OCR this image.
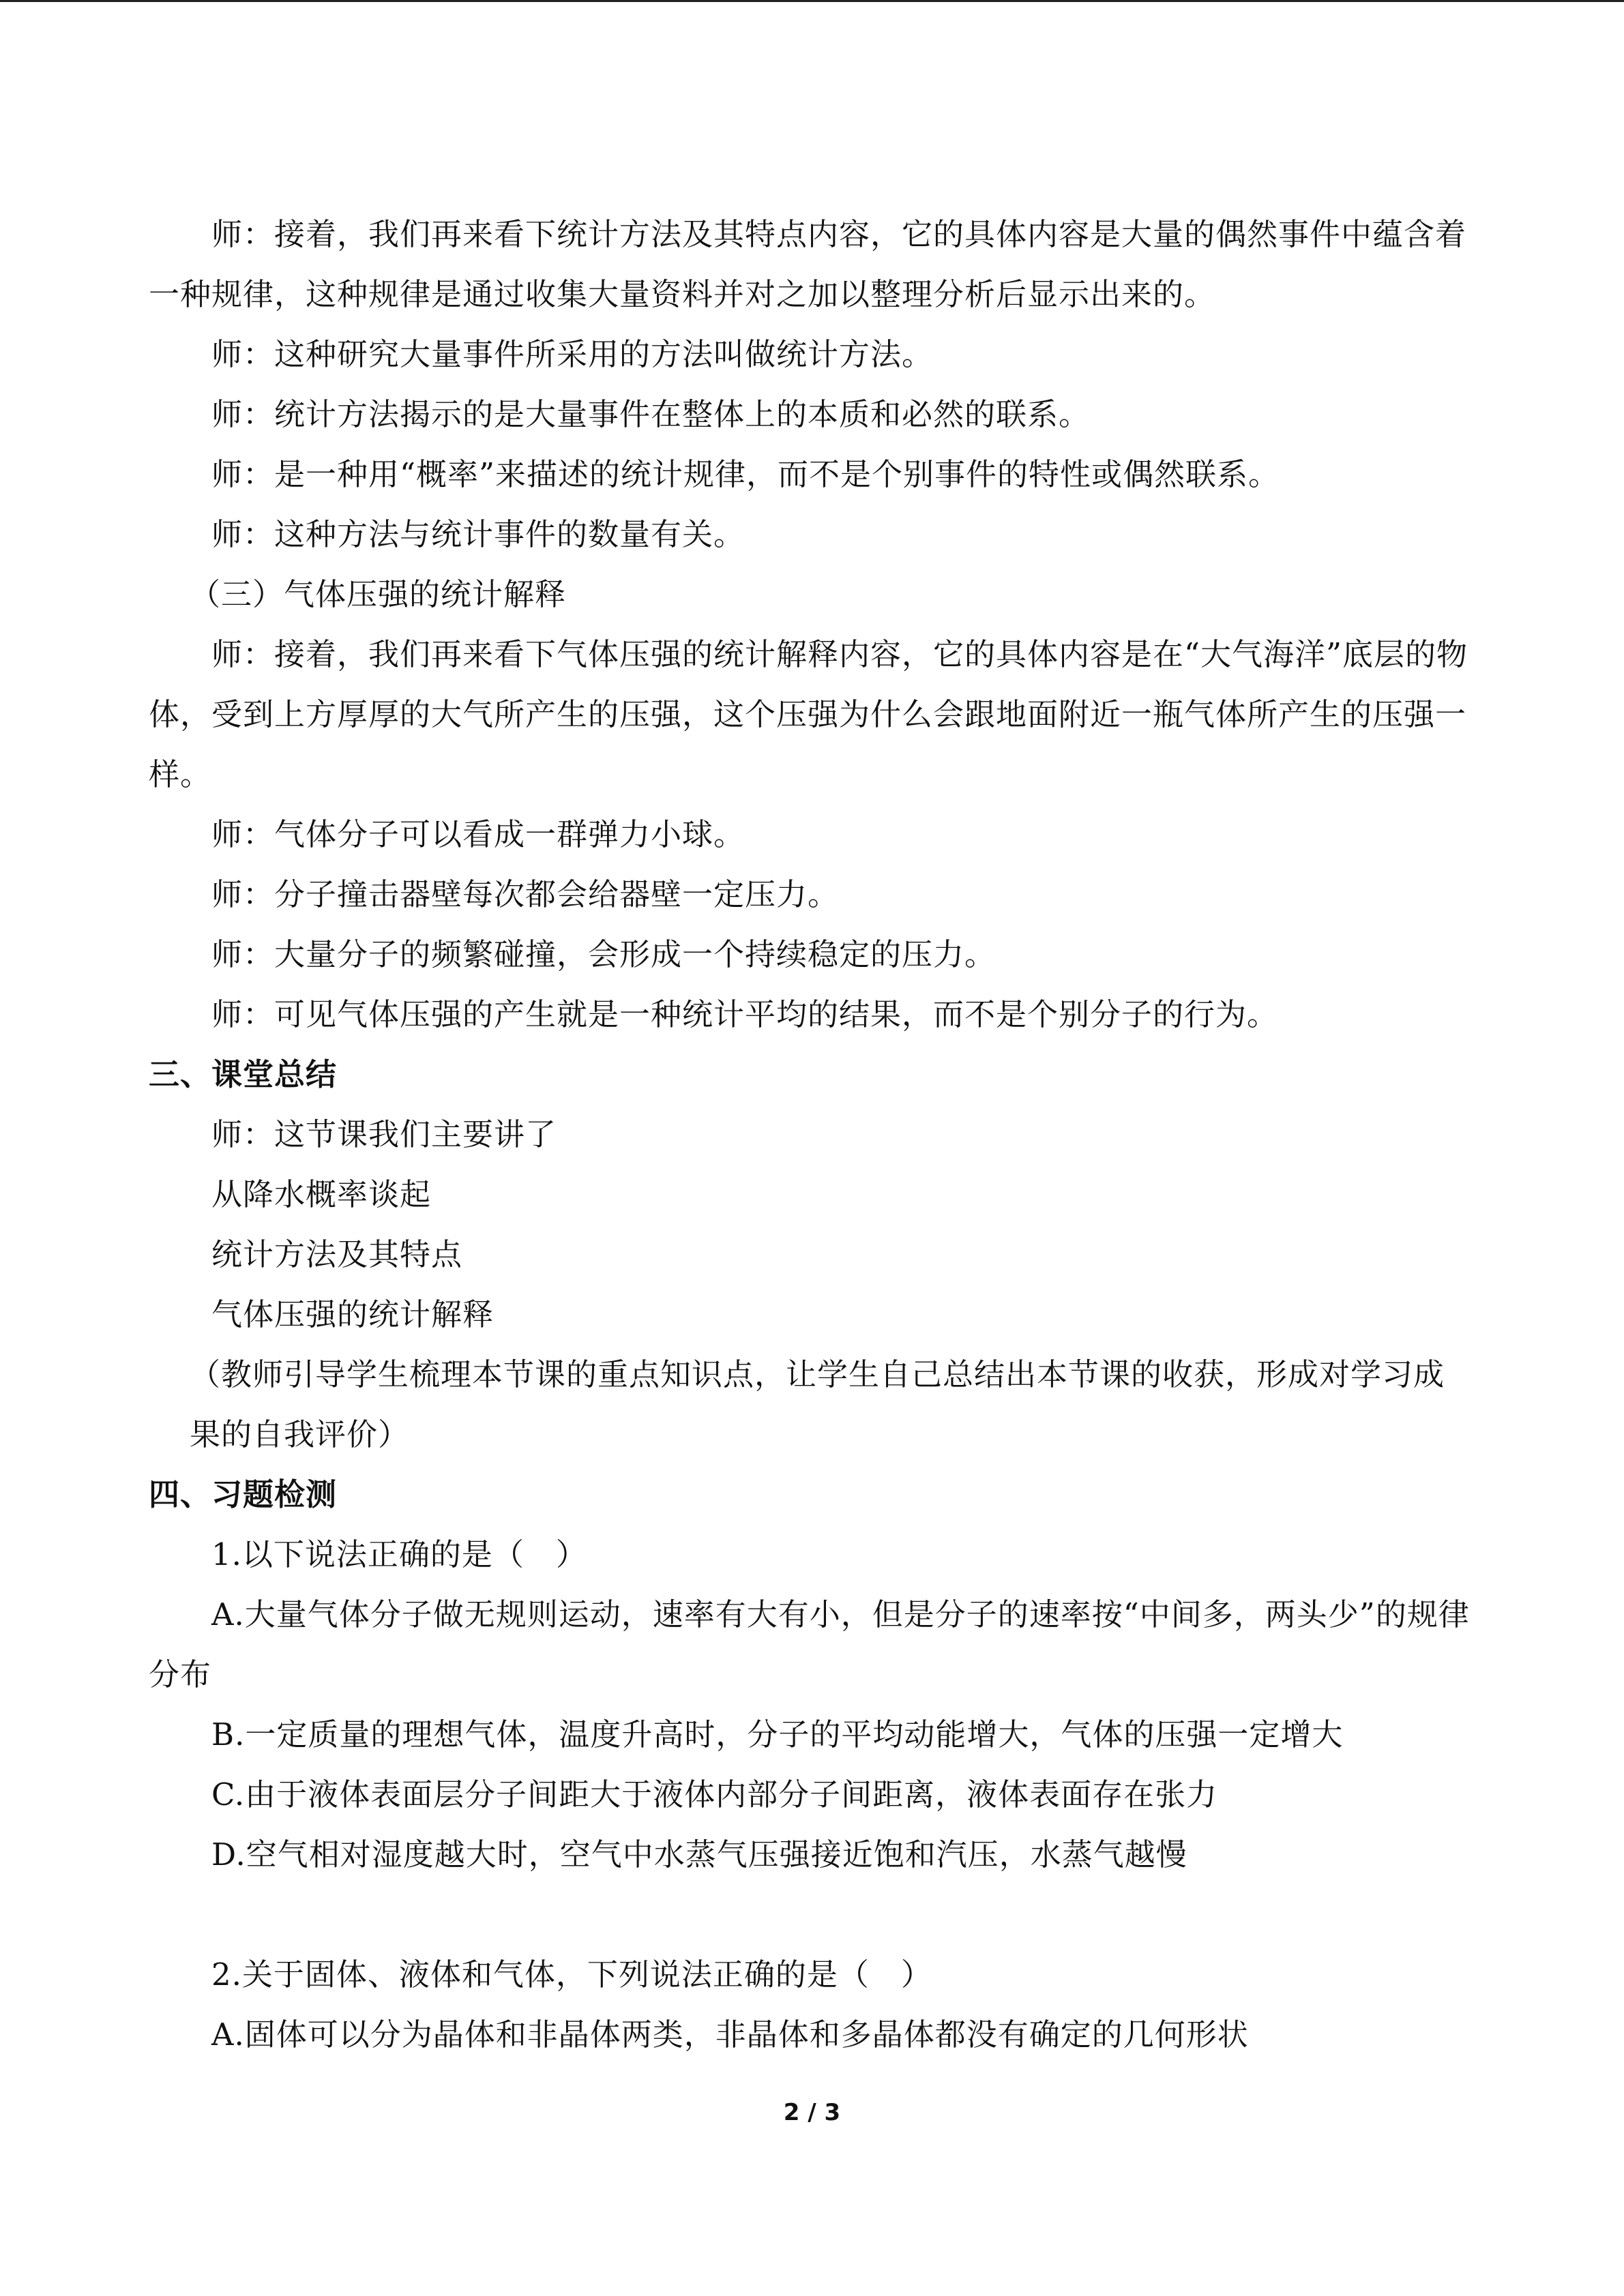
师：接着，我们再来看下统计方法及其特点内容，它的具体内容是大量的偶然事件中蕴含着一种规律，这种规律是通过收集大量资料并对之加以整理分析后显示出来的。

师：这种研究大量事件所采用的方法叫做统计方法。

师：统计方法揭示的是大量事件在整体上的本质和必然的联系。

师：是一种用“概率”来描述的统计规律，而不是个别事件的特性或偶然联系。

师：这种方法与统计事件的数量有关。

（三）气体压强的统计解释

师：接着，我们再来看下气体压强的统计解释内容，它的具体内容是在“大气海洋”底层的物体，受到上方厚厚的大气所产生的压强，这个压强为什么会跟地面附近一瓶气体所产生的压强一样。

师：气体分子可以看成一群弹力小球。

师：分子撞击器壁每次都会给器壁一定压力。

师：大量分子的频繁碰撞，会形成一个持续稳定的压力。

师：可见气体压强的产生就是一种统计平均的结果，而不是个别分子的行为。

三、课堂总结

师：这节课我们主要讲了

从降水概率谈起

统计方法及其特点

气体压强的统计解释

（教师引导学生梳理本节课的重点知识点，让学生自己总结出本节课的收获，形成对学习成果的自我评价）

四、习题检测

1.以下说法正确的是（　）

A.大量气体分子做无规则运动，速率有大有小，但是分子的速率按“中间多，两头少”的规律分布

B.一定质量的理想气体，温度升高时，分子的平均动能增大，气体的压强一定增大

C.由于液体表面层分子间距大于液体内部分子间距离，液体表面存在张力

D.空气相对湿度越大时，空气中水蒸气压强接近饱和汽压，水蒸气越慢

2.关于固体、液体和气体，下列说法正确的是（　）

A.固体可以分为晶体和非晶体两类，非晶体和多晶体都没有确定的几何形状

2 / 3
